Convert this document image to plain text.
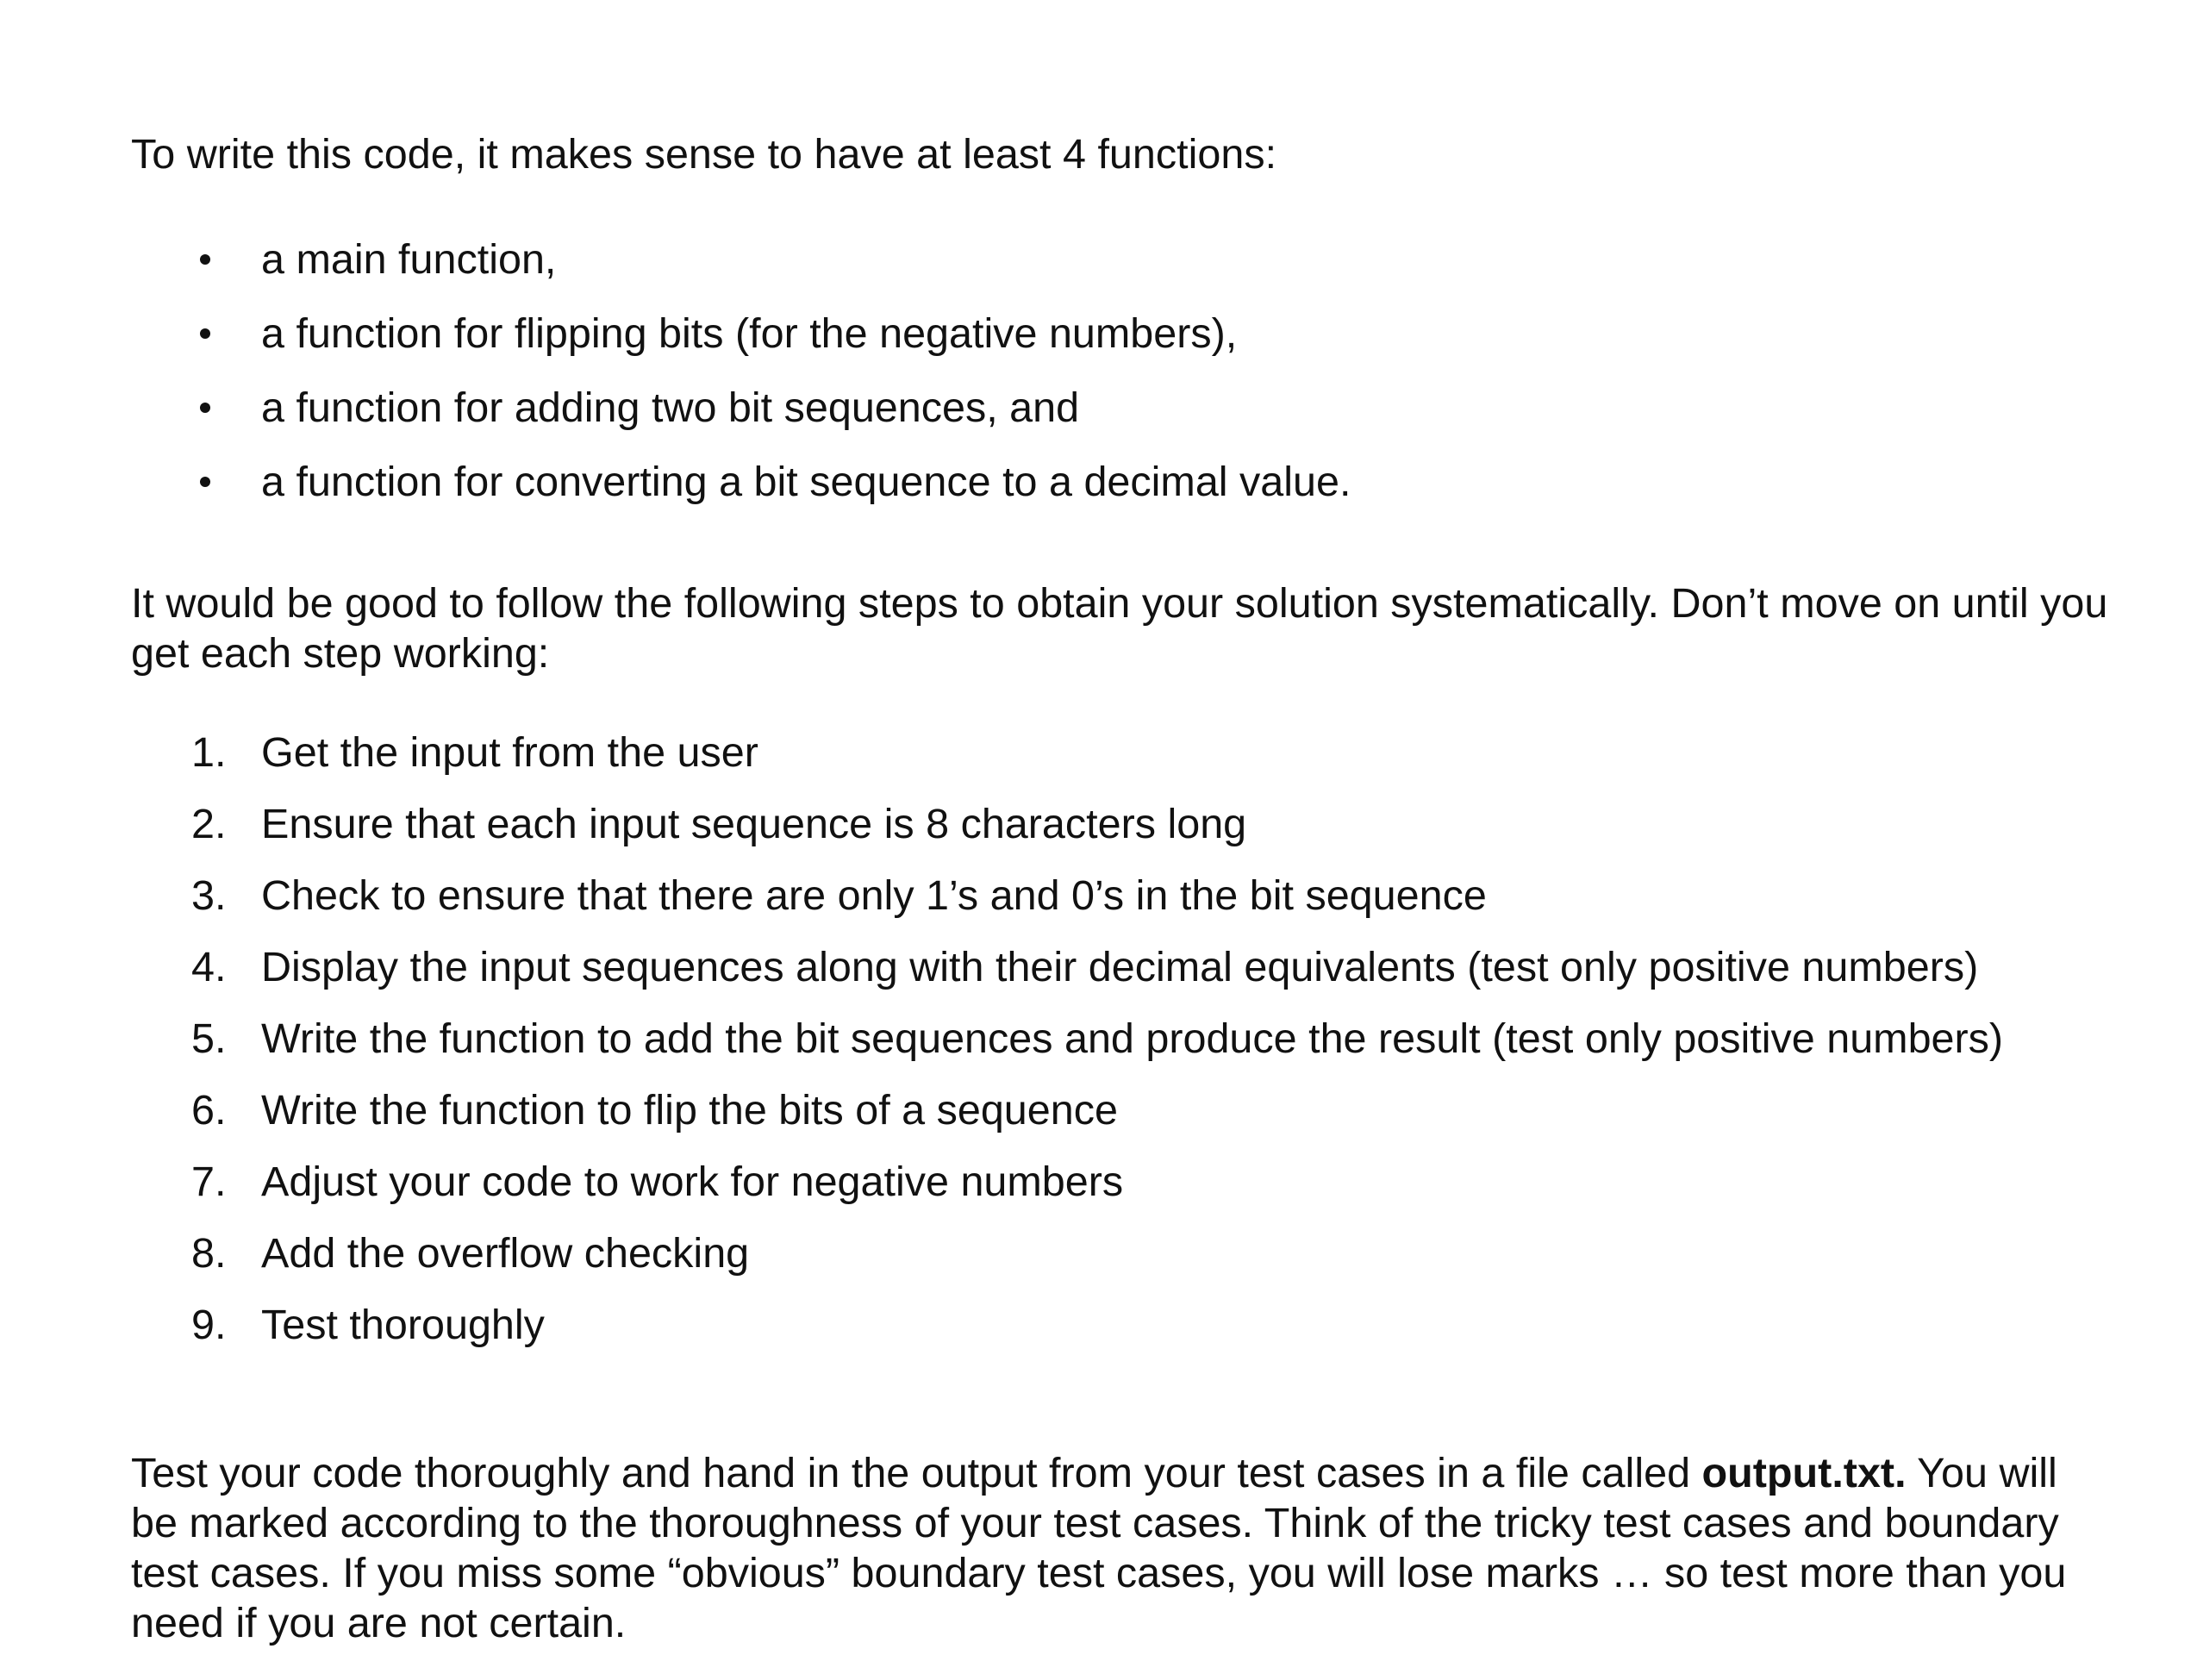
To write this code, it makes sense to have at least 4 functions:

a main function,
a function for flipping bits (for the negative numbers),
a function for adding two bit sequences, and
a function for converting a bit sequence to a decimal value.

It would be good to follow the following steps to obtain your solution systematically. Don’t move on until you get each step working:

1. Get the input from the user
2. Ensure that each input sequence is 8 characters long
3. Check to ensure that there are only 1’s and 0’s in the bit sequence
4. Display the input sequences along with their decimal equivalents (test only positive numbers)
5. Write the function to add the bit sequences and produce the result (test only positive numbers)
6. Write the function to flip the bits of a sequence
7. Adjust your code to work for negative numbers
8. Add the overflow checking
9. Test thoroughly

Test your code thoroughly and hand in the output from your test cases in a file called output.txt. You will be marked according to the thoroughness of your test cases. Think of the tricky test cases and boundary test cases. If you miss some “obvious” boundary test cases, you will lose marks … so test more than you need if you are not certain.
